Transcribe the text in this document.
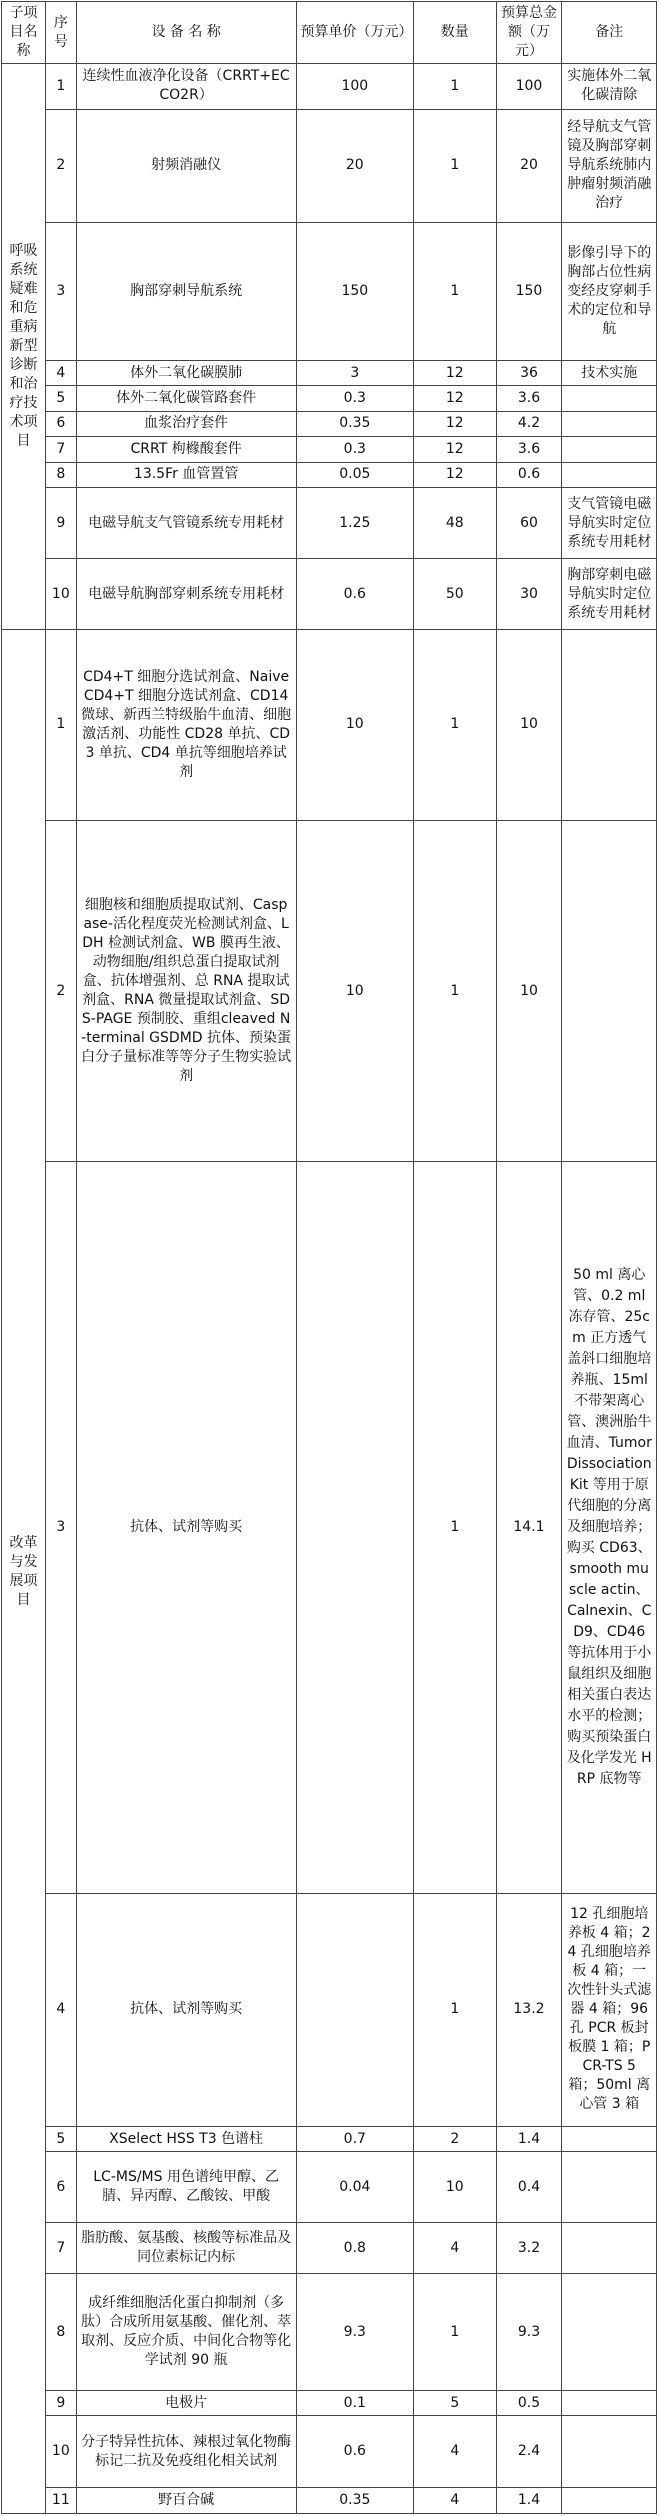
子项目名称	序号	设 备 名 称	预算单价（万元）	数量	预算总金额（万元）	备注
呼吸系统疑难和危重病新型诊断和治疗技术项目	1	连续性血液净化设备（CRRT+ECCO2R）	100	1	100	实施体外二氧化碳清除
	2	射频消融仪	20	1	20	经导航支气管镜及胸部穿刺导航系统肺内肿瘤射频消融治疗
	3	胸部穿刺导航系统	150	1	150	影像引导下的胸部占位性病变经皮穿刺手术的定位和导航
	4	体外二氧化碳膜肺	3	12	36	技术实施
	5	体外二氧化碳管路套件	0.3	12	3.6	
	6	血浆治疗套件	0.35	12	4.2	
	7	CRRT 枸橼酸套件	0.3	12	3.6	
	8	13.5Fr 血管置管	0.05	12	0.6	
	9	电磁导航支气管镜系统专用耗材	1.25	48	60	支气管镜电磁导航实时定位系统专用耗材
	10	电磁导航胸部穿刺系统专用耗材	0.6	50	30	胸部穿刺电磁导航实时定位系统专用耗材
改革与发展项目	1	CD4+T 细胞分选试剂盒、Naive CD4+T 细胞分选试剂盒、CD14 微球、新西兰特级胎牛血清、细胞激活剂、功能性 CD28 单抗、CD3 单抗、CD4 单抗等细胞培养试剂	10	1	10	
	2	细胞核和细胞质提取试剂、Caspase-活化程度荧光检测试剂盒、LDH 检测试剂盒、WB 膜再生液、动物细胞/组织总蛋白提取试剂盒、抗体增强剂、总 RNA 提取试剂盒、RNA 微量提取试剂盒、SDS-PAGE 预制胶、重组cleaved N-terminal GSDMD 抗体、预染蛋白分子量标准等等分子生物实验试剂	10	1	10	
	3	抗体、试剂等购买		1	14.1	50 ml 离心管、0.2 ml 冻存管、25cm 正方透气盖斜口细胞培养瓶、15ml 不带架离心管、澳洲胎牛血清、Tumor Dissociation Kit 等用于原代细胞的分离及细胞培养；购买 CD63、smooth muscle actin、Calnexin、CD9、CD46 等抗体用于小鼠组织及细胞相关蛋白表达水平的检测；购买预染蛋白及化学发光 HRP 底物等
	4	抗体、试剂等购买		1	13.2	12 孔细胞培养板 4 箱；24 孔细胞培养板 4 箱；一次性针头式滤器 4 箱；96 孔 PCR 板封板膜 1 箱；PCR-TS 5 箱；50ml 离心管 3 箱
	5	XSelect HSS T3 色谱柱	0.7	2	1.4	
	6	LC-MS/MS 用色谱纯甲醇、乙腈、异丙醇、乙酸铵、甲酸	0.04	10	0.4	
	7	脂肪酸、氨基酸、核酸等标准品及同位素标记内标	0.8	4	3.2	
	8	成纤维细胞活化蛋白抑制剂（多肽）合成所用氨基酸、催化剂、萃取剂、反应介质、中间化合物等化学试剂 90 瓶	9.3	1	9.3	
	9	电极片	0.1	5	0.5	
	10	分子特异性抗体、辣根过氧化物酶标记二抗及免疫组化相关试剂	0.6	4	2.4	
	11	野百合碱	0.35	4	1.4	
